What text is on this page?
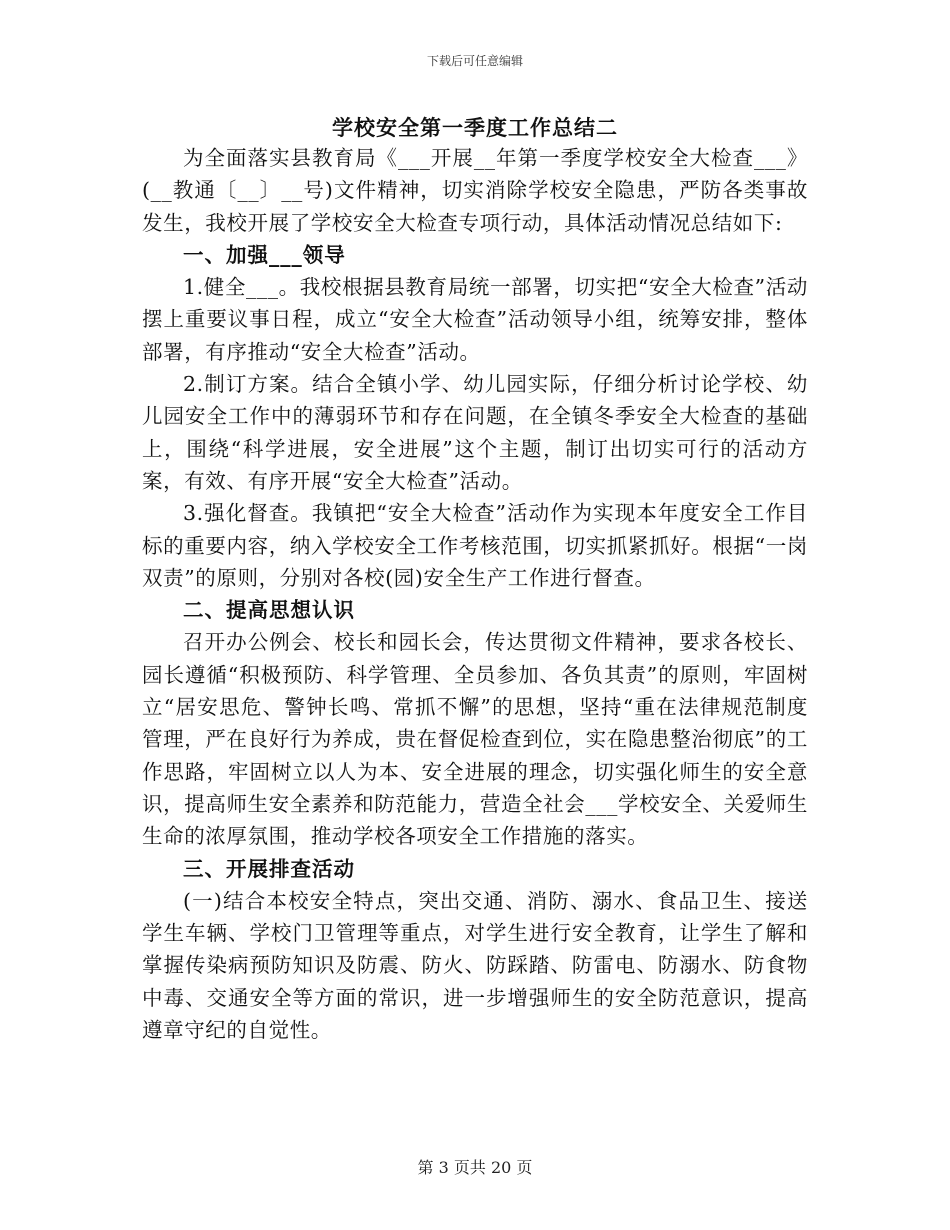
下载后可任意编辑
学校安全第一季度工作总结二

为全面落实县教育局《___开展__年第一季度学校安全大检查___》(__教通〔__〕__号)文件精神，切实消除学校安全隐患，严防各类事故发生，我校开展了学校安全大检查专项行动，具体活动情况总结如下:

一、加强___领导

1.健全___。我校根据县教育局统一部署，切实把“安全大检查”活动摆上重要议事日程，成立“安全大检查”活动领导小组，统筹安排，整体部署，有序推动“安全大检查”活动。

2.制订方案。结合全镇小学、幼儿园实际，仔细分析讨论学校、幼儿园安全工作中的薄弱环节和存在问题，在全镇冬季安全大检查的基础上，围绕“科学进展，安全进展”这个主题，制订出切实可行的活动方案，有效、有序开展“安全大检查”活动。

3.强化督查。我镇把“安全大检查”活动作为实现本年度安全工作目标的重要内容，纳入学校安全工作考核范围，切实抓紧抓好。根据“一岗双责”的原则，分别对各校(园)安全生产工作进行督查。

二、提高思想认识

召开办公例会、校长和园长会，传达贯彻文件精神，要求各校长、园长遵循“积极预防、科学管理、全员参加、各负其责”的原则，牢固树立“居安思危、警钟长鸣、常抓不懈”的思想，坚持“重在法律规范制度管理，严在良好行为养成，贵在督促检查到位，实在隐患整治彻底”的工作思路，牢固树立以人为本、安全进展的理念，切实强化师生的安全意识，提高师生安全素养和防范能力，营造全社会___学校安全、关爱师生生命的浓厚氛围，推动学校各项安全工作措施的落实。

三、开展排查活动

(一)结合本校安全特点，突出交通、消防、溺水、食品卫生、接送学生车辆、学校门卫管理等重点，对学生进行安全教育，让学生了解和掌握传染病预防知识及防震、防火、防踩踏、防雷电、防溺水、防食物中毒、交通安全等方面的常识，进一步增强师生的安全防范意识，提高遵章守纪的自觉性。

第 3 页共 20 页
